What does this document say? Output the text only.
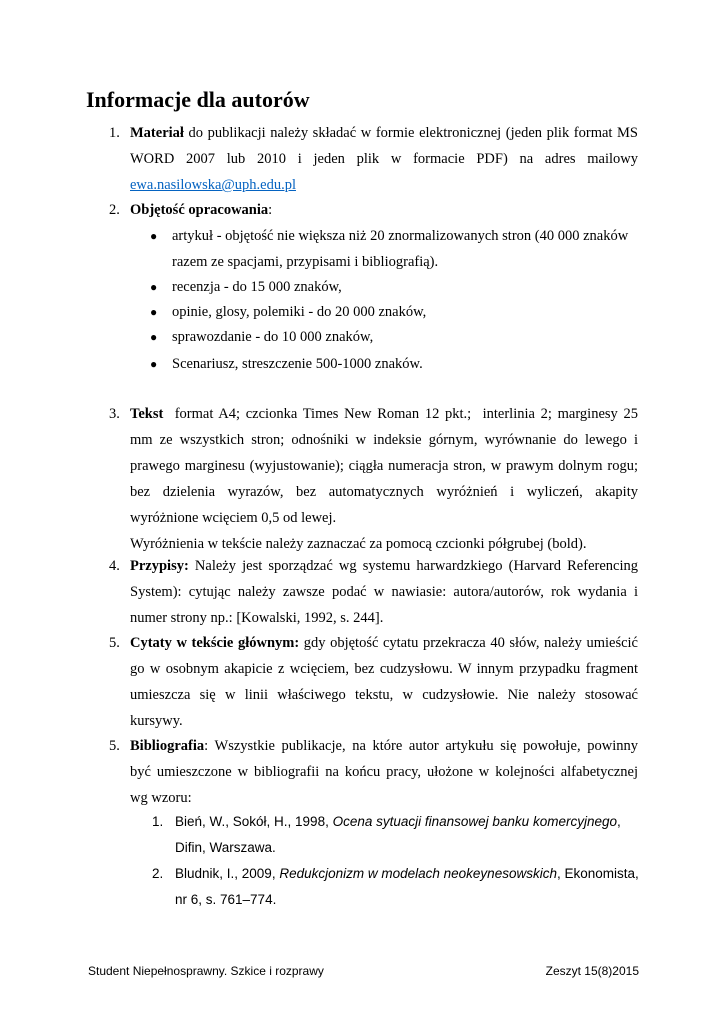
Informacje dla autorów
1. Materiał do publikacji należy składać w formie elektronicznej (jeden plik format MS
WORD 2007 lub 2010 i jeden plik w formacie PDF) na adres mailowy
ewa.nasilowska@uph.edu.pl
2. Objętość opracowania:
● artykuł - objętość nie większa niż 20 znormalizowanych stron (40 000 znaków
razem ze spacjami, przypisami i bibliografią).
● recenzja - do 15 000 znaków,
● opinie, glosy, polemiki - do 20 000 znaków,
● sprawozdanie - do 10 000 znaków,
● Scenariusz, streszczenie 500-1000 znaków.
3. Tekst  format A4; czcionka Times New Roman 12 pkt.;  interlinia 2; marginesy 25
mm ze wszystkich stron; odnośniki w indeksie górnym, wyrównanie do lewego i
prawego marginesu (wyjustowanie); ciągła numeracja stron, w prawym dolnym rogu;
bez dzielenia wyrazów, bez automatycznych wyróżnień i wyliczeń, akapity
wyróżnione wcięciem 0,5 od lewej.
Wyróżnienia w tekście należy zaznaczać za pomocą czcionki półgrubej (bold).
4. Przypisy: Należy jest sporządzać wg systemu harwardzkiego (Harvard Referencing
System): cytując należy zawsze podać w nawiasie: autora/autorów, rok wydania i
numer strony np.: [Kowalski, 1992, s. 244].
5. Cytaty w tekście głównym: gdy objętość cytatu przekracza 40 słów, należy umieścić
go w osobnym akapicie z wcięciem, bez cudzysłowu. W innym przypadku fragment
umieszcza się w linii właściwego tekstu, w cudzysłowie. Nie należy stosować
kursywy.
5. Bibliografia: Wszystkie publikacje, na które autor artykułu się powołuje, powinny
być umieszczone w bibliografii na końcu pracy, ułożone w kolejności alfabetycznej
wg wzoru:
1. Bień, W., Sokół, H., 1998, Ocena sytuacji finansowej banku komercyjnego,
Difin, Warszawa.
2. Bludnik, I., 2009, Redukcjonizm w modelach neokeynesowskich, Ekonomista,
nr 6, s. 761–774.
Student Niepełnosprawny. Szkice i rozprawy	Zeszyt 15(8)2015
